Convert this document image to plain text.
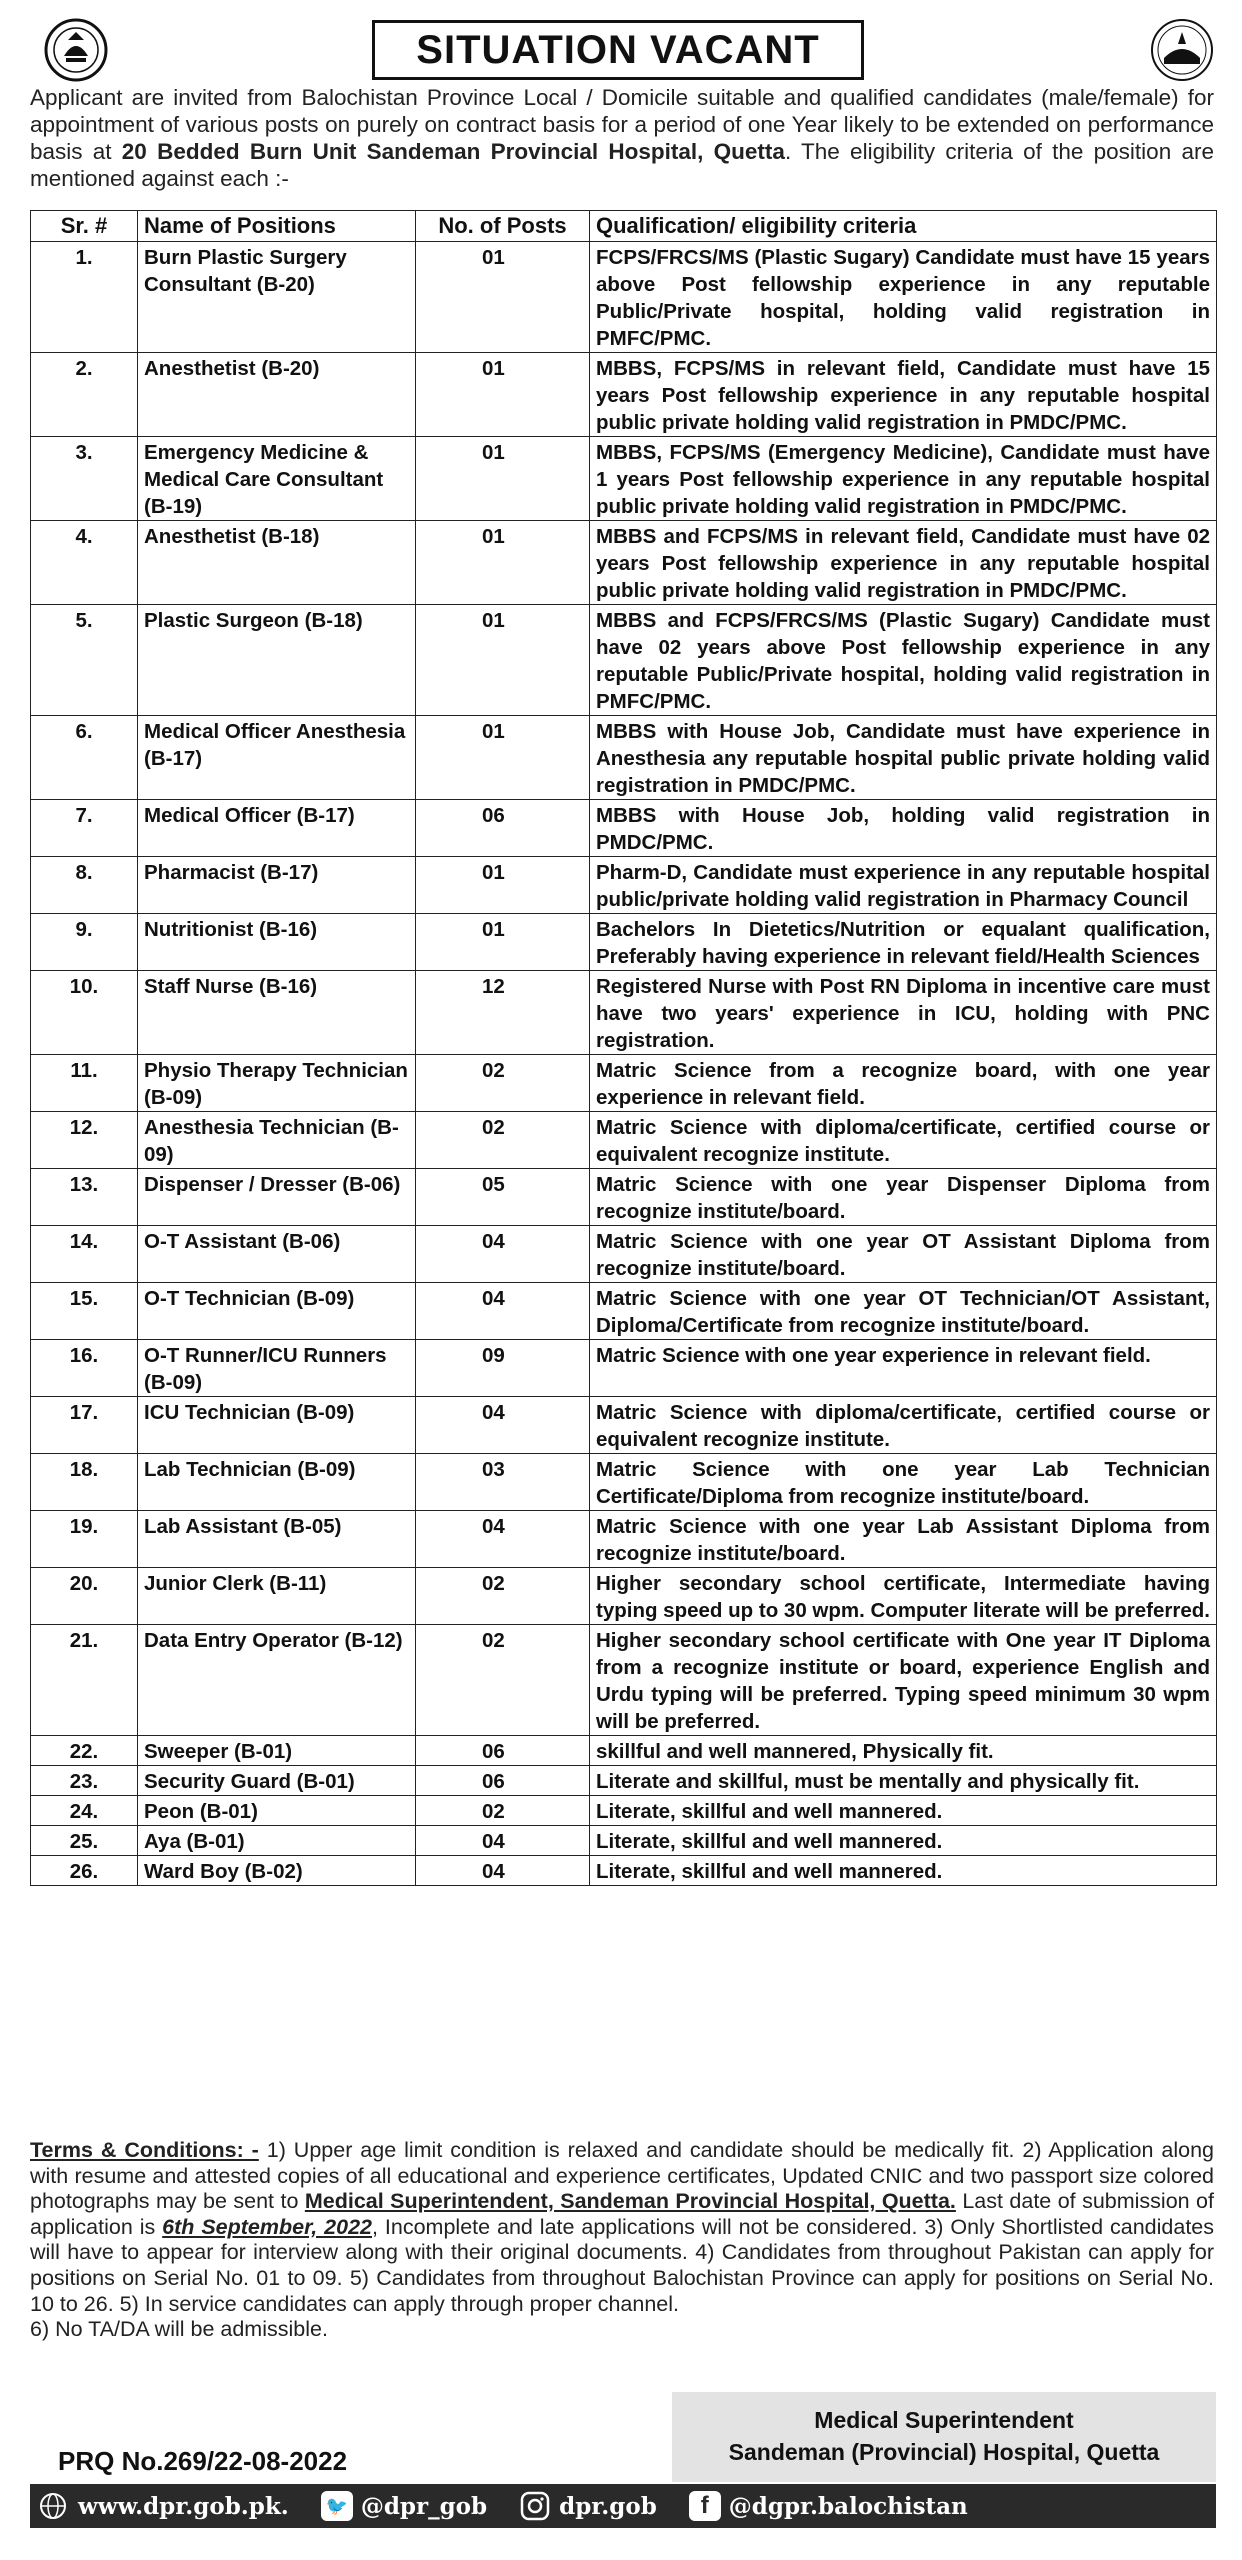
SITUATION VACANT
Applicant are invited from Balochistan Province Local / Domicile suitable and qualified candidates (male/female) for appointment of various posts on purely on contract basis for a period of one Year likely to be extended on performance basis at 20 Bedded Burn Unit Sandeman Provincial Hospital, Quetta. The eligibility criteria of the position are mentioned against each :-
Sr. #	Name of Positions	No. of Posts	Qualification/ eligibility criteria
1.	Burn Plastic Surgery Consultant (B-20)	01	FCPS/FRCS/MS (Plastic Sugary) Candidate must have 15 years above Post fellowship experience in any reputable Public/Private hospital, holding valid registration in PMFC/PMC.
2.	Anesthetist (B-20)	01	MBBS, FCPS/MS in relevant field, Candidate must have 15 years Post fellowship experience in any reputable hospital public private holding valid registration in PMDC/PMC.
3.	Emergency Medicine & Medical Care Consultant (B-19)	01	MBBS, FCPS/MS (Emergency Medicine), Candidate must have 1 years Post fellowship experience in any reputable hospital public private holding valid registration in PMDC/PMC.
4.	Anesthetist (B-18)	01	MBBS and FCPS/MS in relevant field, Candidate must have 02 years Post fellowship experience in any reputable hospital public private holding valid registration in PMDC/PMC.
5.	Plastic Surgeon (B-18)	01	MBBS and FCPS/FRCS/MS (Plastic Sugary) Candidate must have 02 years above Post fellowship experience in any reputable Public/Private hospital, holding valid registration in PMFC/PMC.
6.	Medical Officer Anesthesia (B-17)	01	MBBS with House Job, Candidate must have experience in Anesthesia any reputable hospital public private holding valid registration in PMDC/PMC.
7.	Medical Officer (B-17)	06	MBBS with House Job, holding valid registration in PMDC/PMC.
8.	Pharmacist (B-17)	01	Pharm-D, Candidate must experience in any reputable hospital public/private holding valid registration in Pharmacy Council
9.	Nutritionist (B-16)	01	Bachelors In Dietetics/Nutrition or equalant qualification, Preferably having experience in relevant field/Health Sciences
10.	Staff Nurse (B-16)	12	Registered Nurse with Post RN Diploma in incentive care must have two years' experience in ICU, holding with PNC registration.
11.	Physio Therapy Technician (B-09)	02	Matric Science from a recognize board, with one year experience in relevant field.
12.	Anesthesia Technician (B-09)	02	Matric Science with diploma/certificate, certified course or equivalent recognize institute.
13.	Dispenser / Dresser (B-06)	05	Matric Science with one year Dispenser Diploma from recognize institute/board.
14.	O-T Assistant (B-06)	04	Matric Science with one year OT Assistant Diploma from recognize institute/board.
15.	O-T Technician (B-09)	04	Matric Science with one year OT Technician/OT Assistant, Diploma/Certificate from recognize institute/board.
16.	O-T Runner/ICU Runners (B-09)	09	Matric Science with one year experience in relevant field.
17.	ICU Technician (B-09)	04	Matric Science with diploma/certificate, certified course or equivalent recognize institute.
18.	Lab Technician (B-09)	03	Matric Science with one year Lab Technician Certificate/Diploma from recognize institute/board.
19.	Lab Assistant (B-05)	04	Matric Science with one year Lab Assistant Diploma from recognize institute/board.
20.	Junior Clerk (B-11)	02	Higher secondary school certificate, Intermediate having typing speed up to 30 wpm. Computer literate will be preferred.
21.	Data Entry Operator (B-12)	02	Higher secondary school certificate with One year IT Diploma from a recognize institute or board, experience English and Urdu typing will be preferred. Typing speed minimum 30 wpm will be preferred.
22.	Sweeper (B-01)	06	skillful and well mannered, Physically fit.
23.	Security Guard (B-01)	06	Literate and skillful, must be mentally and physically fit.
24.	Peon (B-01)	02	Literate, skillful and well mannered.
25.	Aya (B-01)	04	Literate, skillful and well mannered.
26.	Ward Boy (B-02)	04	Literate, skillful and well mannered.
Terms & Conditions: - 1) Upper age limit condition is relaxed and candidate should be medically fit. 2) Application along with resume and attested copies of all educational and experience certificates, Updated CNIC and two passport size colored photographs may be sent to Medical Superintendent, Sandeman Provincial Hospital, Quetta. Last date of submission of application is 6th September, 2022, Incomplete and late applications will not be considered. 3) Only Shortlisted candidates will have to appear for interview along with their original documents. 4) Candidates from throughout Pakistan can apply for positions on Serial No. 01 to 09. 5) Candidates from throughout Balochistan Province can apply for positions on Serial No. 10 to 26. 5) In service candidates can apply through proper channel.
6) No TA/DA will be admissible.
Medical Superintendent
Sandeman (Provincial) Hospital, Quetta
PRQ No.269/22-08-2022
www.dpr.gob.pk. 🐦 @dpr_gob	dpr.gob	f @dgpr.balochistan
